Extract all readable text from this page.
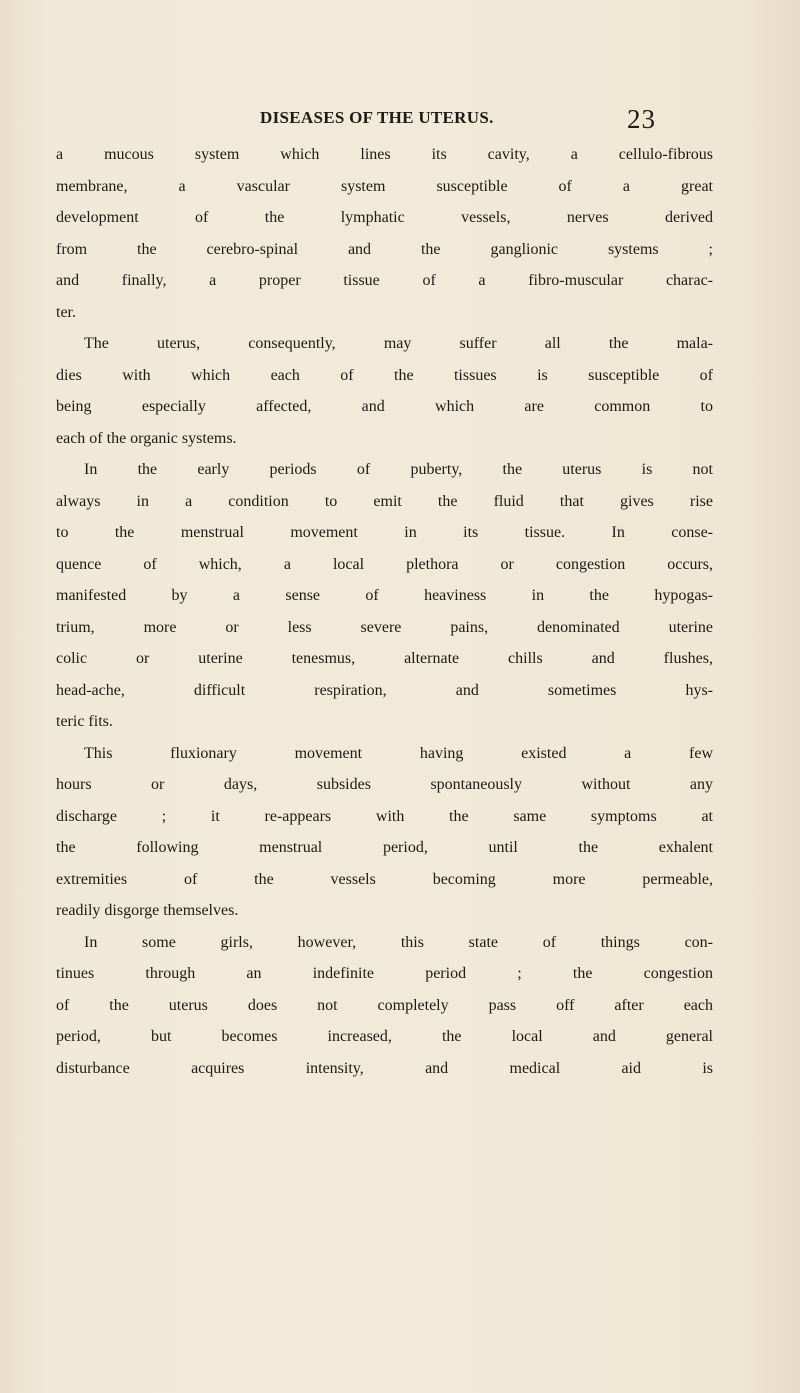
DISEASES OF THE UTERUS.	23
a mucous system which lines its cavity, a cellulo-fibrous
membrane, a vascular system susceptible of a great
development of the lymphatic vessels, nerves derived
from the cerebro-spinal and the ganglionic systems ;
and finally, a proper tissue of a fibro-muscular charac-
ter.
The uterus, consequently, may suffer all the mala-
dies with which each of the tissues is susceptible of
being especially affected, and which are common to
each of the organic systems.
In the early periods of puberty, the uterus is not
always in a condition to emit the fluid that gives rise
to the menstrual movement in its tissue. In conse-
quence of which, a local plethora or congestion occurs,
manifested by a sense of heaviness in the hypogas-
trium, more or less severe pains, denominated uterine
colic or uterine tenesmus, alternate chills and flushes,
head-ache, difficult respiration, and sometimes hys-
teric fits.
This fluxionary movement having existed a few
hours or days, subsides spontaneously without any
discharge ; it re-appears with the same symptoms at
the following menstrual period, until the exhalent
extremities of the vessels becoming more permeable,
readily disgorge themselves.
In some girls, however, this state of things con-
tinues through an indefinite period ; the congestion
of the uterus does not completely pass off after each
period, but becomes increased, the local and general
disturbance acquires intensity, and medical aid is
